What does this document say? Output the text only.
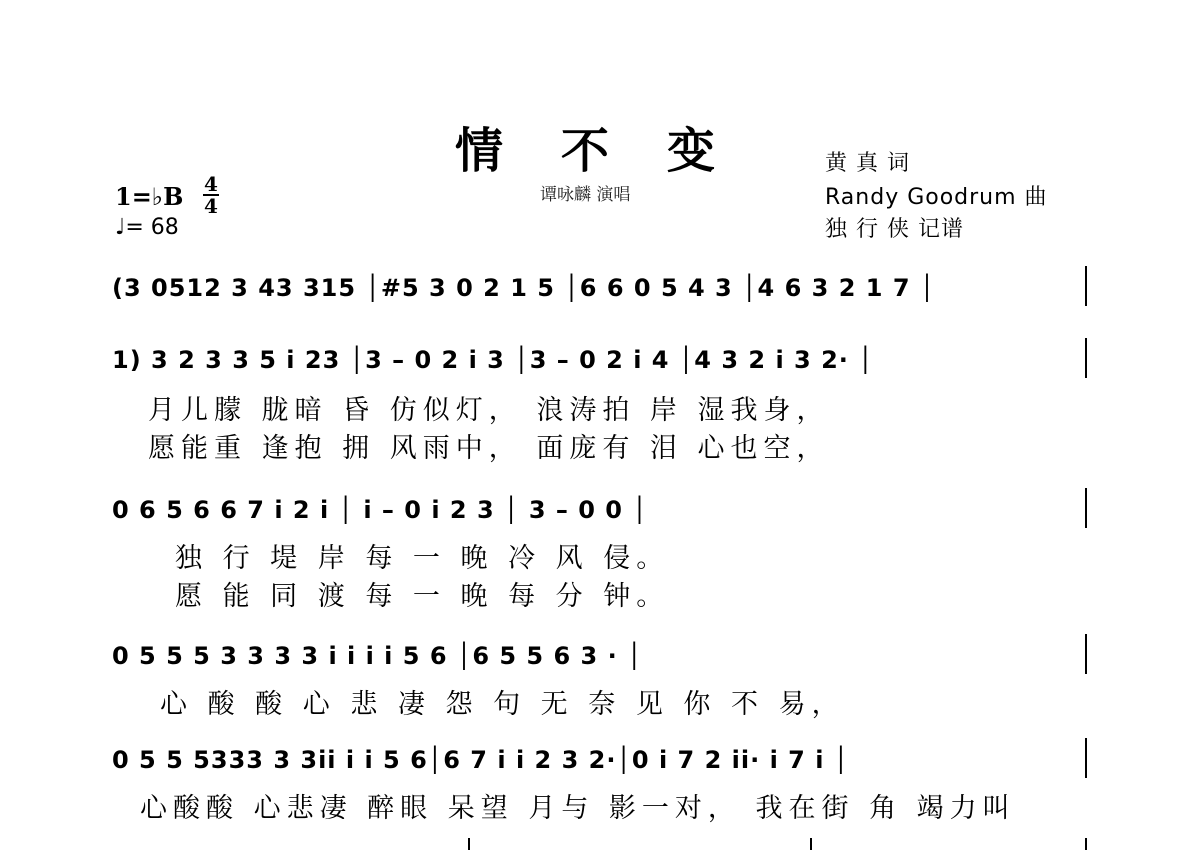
情不变
谭咏麟 演唱
黄 真 词
Randy Goodrum 曲
独 行 侠 记谱
1=♭B 4
4
♩= 68
(3 0512 3 43 315 │#5 3 0 2 1 5 │6 6 0 5 4 3 │4 6 3 2 1 7 │
1) 3 2 3 3 5 i 23 │3 – 0 2 i 3 │3 – 0 2 i 4 │4 3 2 i 3 2· │
月儿朦 胧暗 昏 仿似灯， 浪涛拍 岸 湿我身，
愿能重 逢抱 拥 风雨中， 面庞有 泪 心也空，
0 6 5 6 6 7 i 2 i │ i – 0 i 2 3 │ 3 – 0 0 │
独 行 堤 岸 每 一 晚 冷 风 侵。
愿 能 同 渡 每 一 晚 每 分 钟。
0 5 5 5 3 3 3 3 i i i i 5 6 │6 5 5 6 3 · │
心 酸 酸 心 悲 凄 怨 句 无 奈 见 你 不 易，
0 5 5 5333 3 3ii i i 5 6│6 7 i i 2 3 2·│0 i 7 2 ii· i 7 i │
心酸酸 心悲凄 醉眼 呆望 月与 影一对， 我在街 角 竭力叫
